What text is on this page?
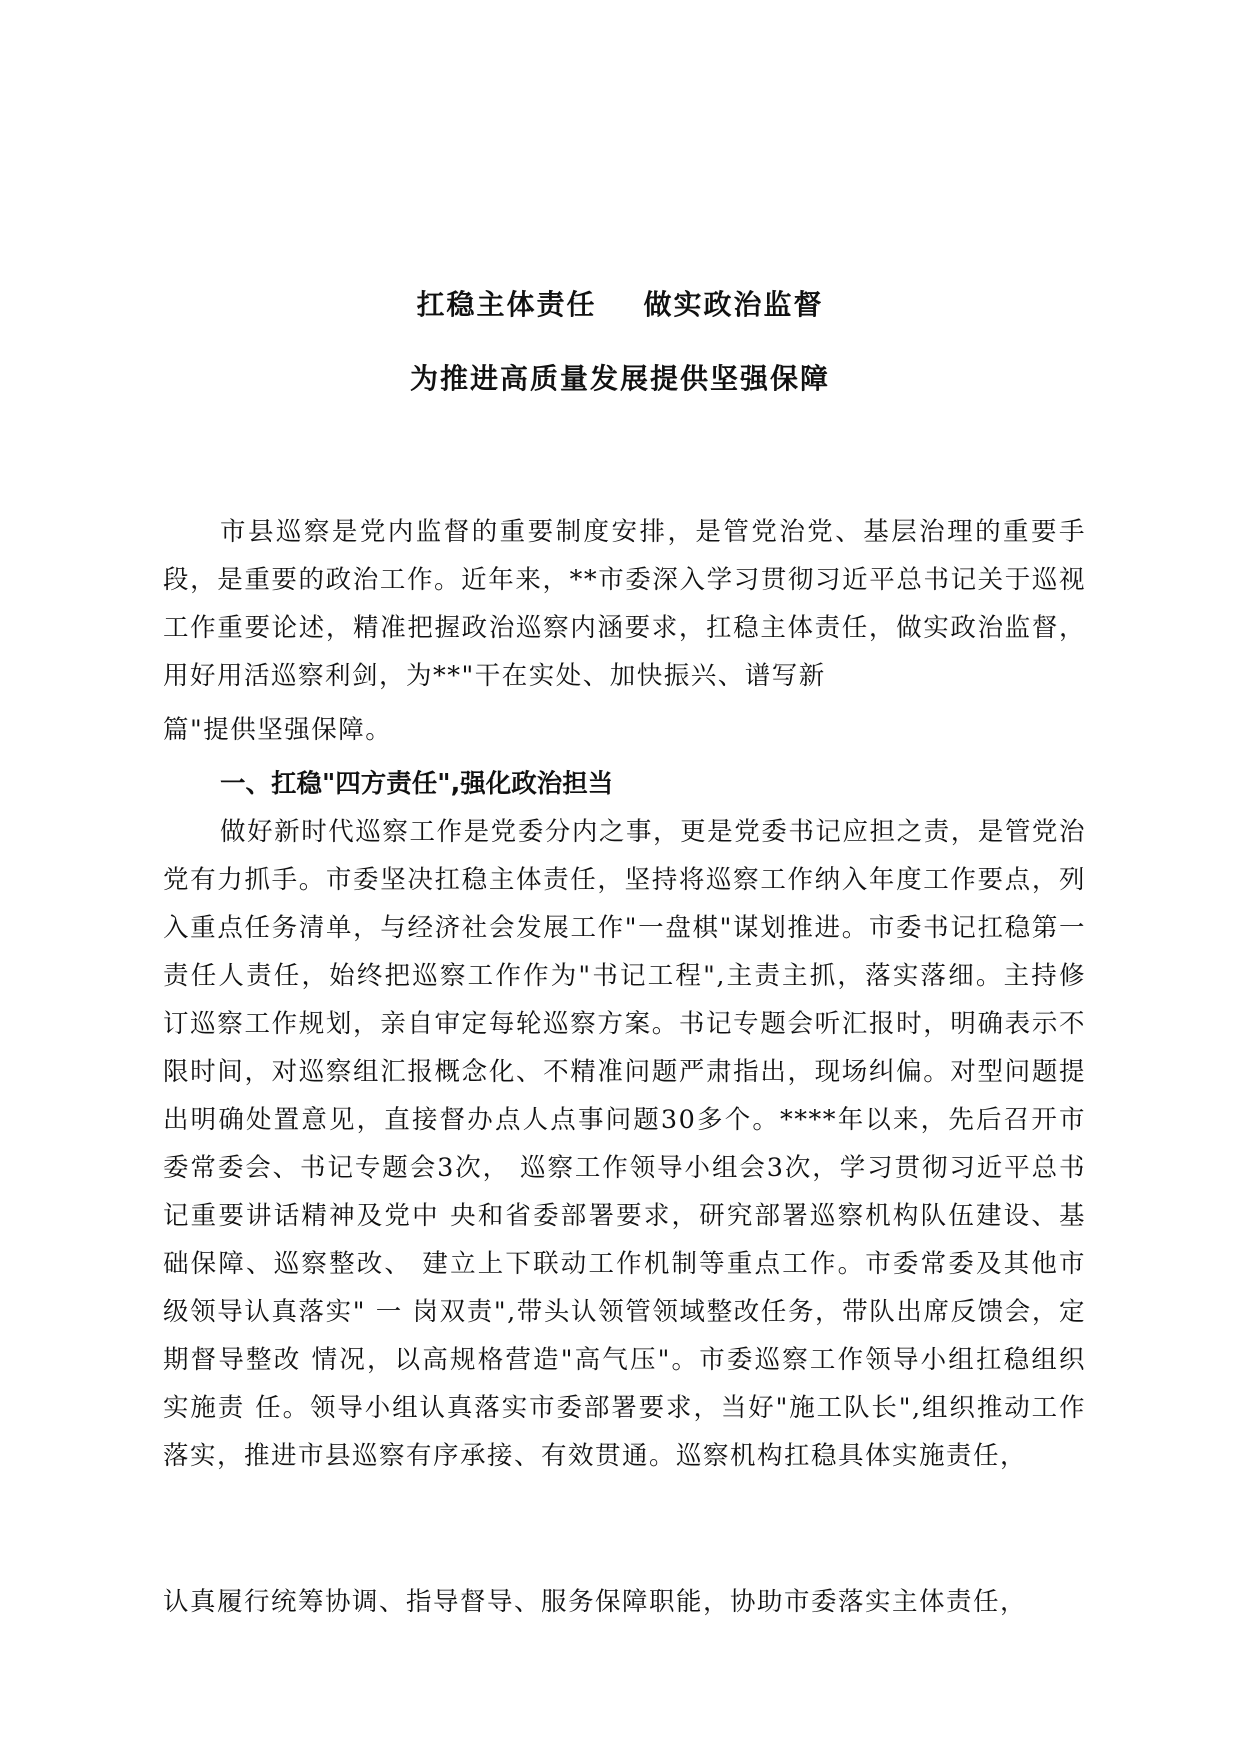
扛稳主体责任    做实政治监督
为推进高质量发展提供坚强保障

市县巡察是党内监督的重要制度安排，是管党治党、基层治理的重要手段，是重要的政治工作。近年来，**市委深入学习贯彻习近平总书记关于巡视工作重要论述，精准把握政治巡察内涵要求，扛稳主体责任，做实政治监督，用好用活巡察利剑，为**"干在实处、加快振兴、谱写新
篇"提供坚强保障。

一、扛稳"四方责任",强化政治担当

做好新时代巡察工作是党委分内之事，更是党委书记应担之责，是管党治党有力抓手。市委坚决扛稳主体责任，坚持将巡察工作纳入年度工作要点，列入重点任务清单，与经济社会发展工作"一盘棋"谋划推进。市委书记扛稳第一责任人责任，始终把巡察工作作为"书记工程",主责主抓，落实落细。主持修订巡察工作规划，亲自审定每轮巡察方案。书记专题会听汇报时，明确表示不限时间，对巡察组汇报概念化、不精准问题严肃指出，现场纠偏。对型问题提出明确处置意见，直接督办点人点事问题30多个。****年以来，先后召开市委常委会、书记专题会3次， 巡察工作领导小组会3次，学习贯彻习近平总书记重要讲话精神及党中 央和省委部署要求，研究部署巡察机构队伍建设、基础保障、巡察整改、 建立上下联动工作机制等重点工作。市委常委及其他市级领导认真落实" 一 岗双责",带头认领管领域整改任务，带队出席反馈会，定期督导整改 情况，以高规格营造"高气压"。市委巡察工作领导小组扛稳组织实施责 任。领导小组认真落实市委部署要求，当好"施工队长",组织推动工作 落实，推进市县巡察有序承接、有效贯通。巡察机构扛稳具体实施责任，

认真履行统筹协调、指导督导、服务保障职能，协助市委落实主体责任，
